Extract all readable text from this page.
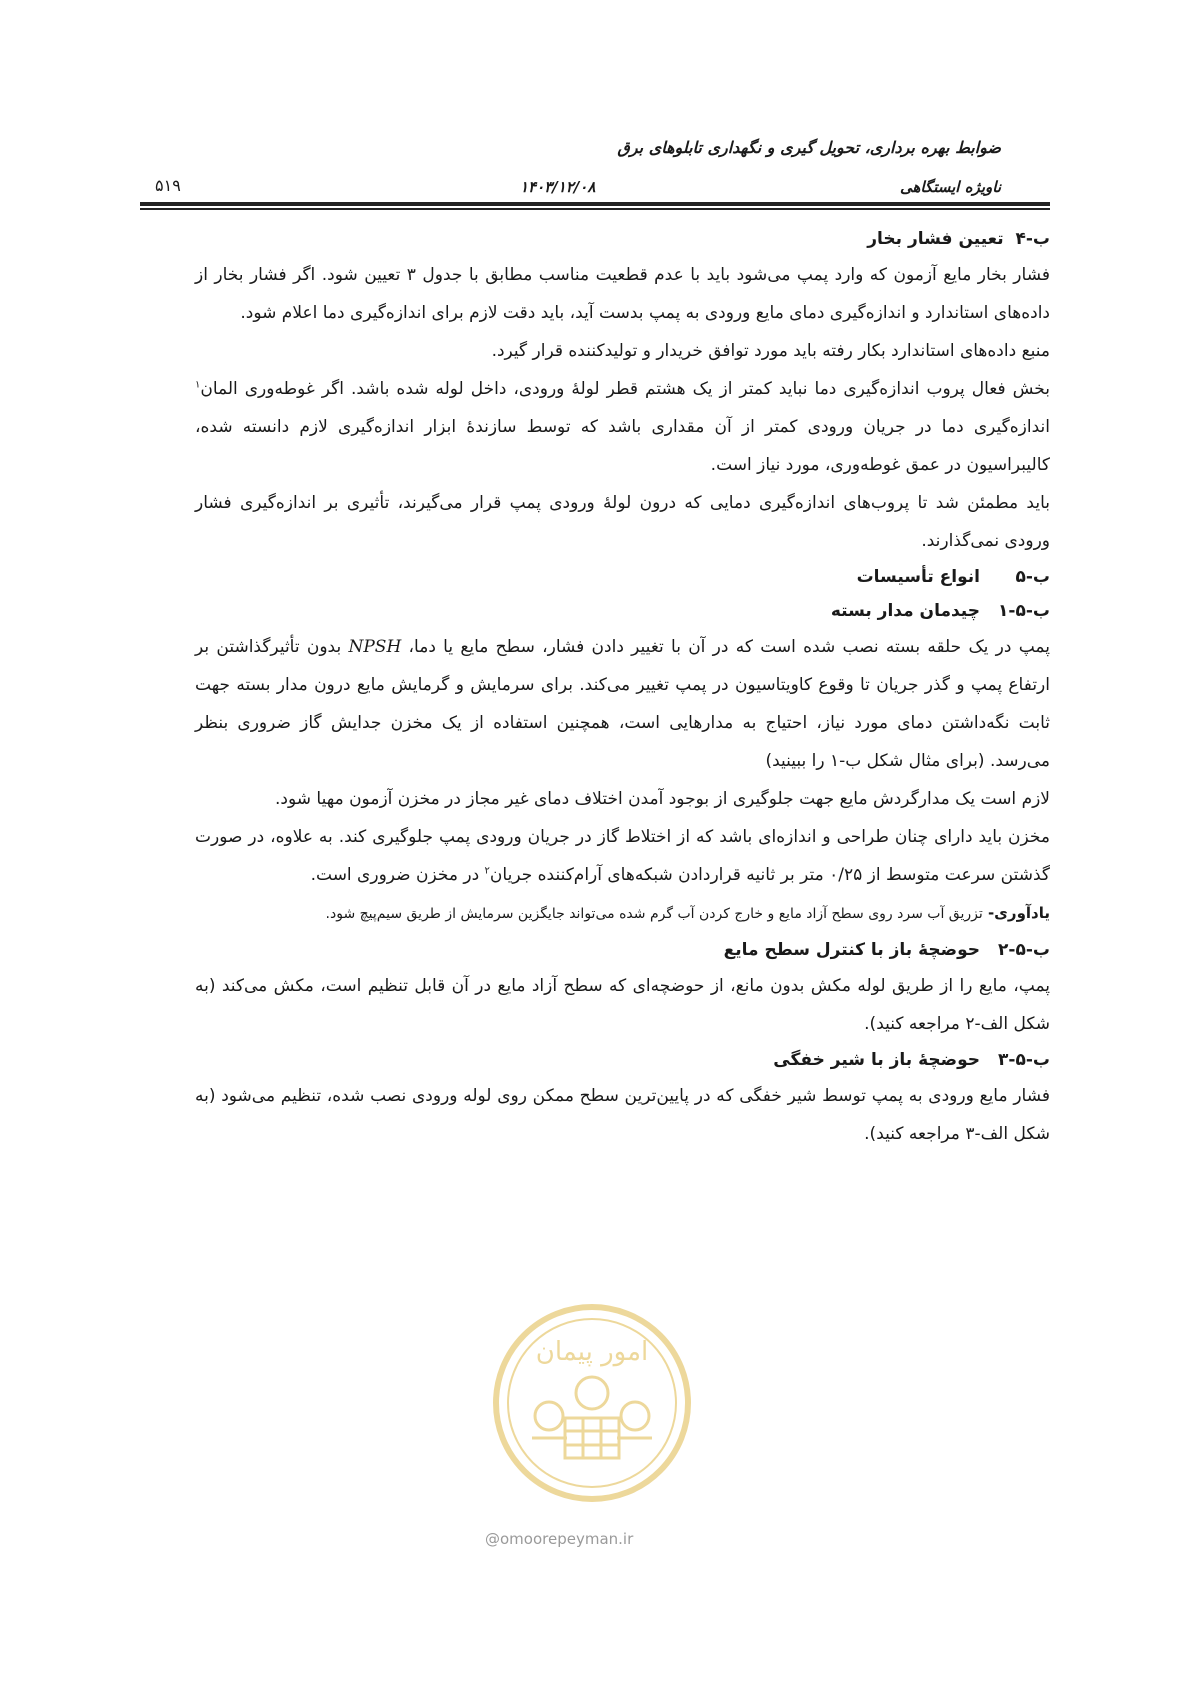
ضوابط بهره برداری، تحویل گیری و نگهداری تابلوهای برق
ناویژه ایستگاهی
۱۴۰۳/۱۲/۰۸
۵۱۹
ب-۴  تعیین فشار بخار

فشار بخار مایع آزمون که وارد پمپ می‌شود باید با عدم قطعیت مناسب مطابق با جدول ۳ تعیین شود. اگر فشار بخار از داده‌های استاندارد و اندازه‌گیری دمای مایع ورودی به پمپ بدست آید، باید دقت لازم برای اندازه‌گیری دما اعلام شود.

منبع داده‌های استاندارد بکار رفته باید مورد توافق خریدار و تولیدکننده قرار گیرد.

بخش فعال پروب اندازه‌گیری دما نباید کمتر از یک هشتم قطر لولهٔ ورودی، داخل لوله شده باشد. اگر غوطه‌وری المان$^۱$ اندازه‌گیری دما در جریان ورودی کمتر از آن مقداری باشد که توسط سازندهٔ ابزار اندازه‌گیری لازم دانسته شده، کالیبراسیون در عمق غوطه‌وری، مورد نیاز است.

باید مطمئن شد تا پروب‌های اندازه‌گیری دمایی که درون لولهٔ ورودی پمپ قرار می‌گیرند، تأثیری بر اندازه‌گیری فشار ورودی نمی‌گذارند.

ب-۵انواع تأسیسات
ب-۵-۱چیدمان مدار بسته

پمپ در یک حلقه بسته نصب شده است که در آن با تغییر دادن فشار، سطح مایع یا دما، NPSH بدون تأثیرگذاشتن بر ارتفاع پمپ و گذر جریان تا وقوع کاویتاسیون در پمپ تغییر می‌کند. برای سرمایش و گرمایش مایع درون مدار بسته جهت ثابت نگه‌داشتن دمای مورد نیاز، احتیاج به مدارهایی است، همچنین استفاده از یک مخزن جدایش گاز ضروری بنظر می‌رسد. (برای مثال شکل ب-۱ را ببینید)

لازم است یک مدارگردش مایع جهت جلوگیری از بوجود آمدن اختلاف دمای غیر مجاز در مخزن آزمون مهیا شود.

مخزن باید دارای چنان طراحی و اندازه‌ای باشد که از اختلاط گاز در جریان ورودی پمپ جلوگیری کند. به علاوه، در صورت گذشتن سرعت متوسط از ۰/۲۵ متر بر ثانیه قراردادن شبکه‌های آرام‌کننده جریان$^۲$ در مخزن ضروری است.

یادآوری- تزریق آب سرد روی سطح آزاد مایع و خارج کردن آب گرم شده می‌تواند جایگزین سرمایش از طریق سیم‌پیچ شود.

ب-۵-۲حوضچهٔ باز با کنترل سطح مایع

پمپ، مایع را از طریق لوله مکش بدون مانع، از حوضچه‌ای که سطح آزاد مایع در آن قابل تنظیم است، مکش می‌کند (به شکل الف-۲ مراجعه کنید).

ب-۵-۳حوضچهٔ باز با شیر خفگی

فشار مایع ورودی به پمپ توسط شیر خفگی که در پایین‌ترین سطح ممکن روی لوله ورودی نصب شده، تنظیم می‌شود (به شکل الف-۳ مراجعه کنید).

امور پیمان
@omoorepeyman.ir
